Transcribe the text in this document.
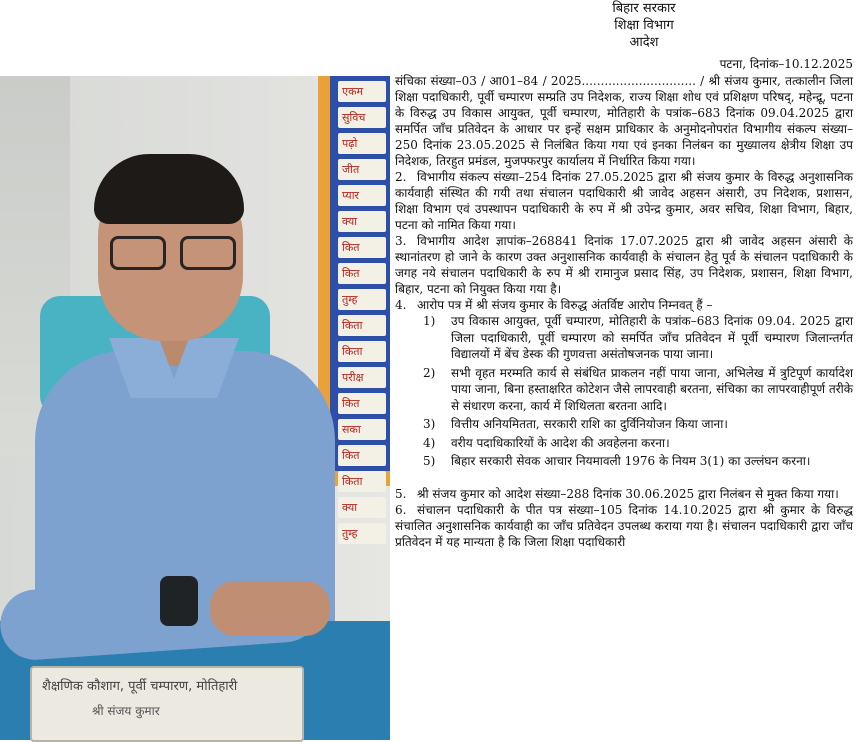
एकम
सुविच
पढ़ो
जीत
प्यार
क्या
कित
कित
तुम्ह
किता
किता
परीक्ष
कित
सका
कित
किता
क्या
तुम्ह
शैक्षणिक कौशाग, पूर्वी चम्पारण, मोतिहारी
श्री संजय कुमार
बिहार सरकार
शिक्षा विभाग
आदेश
पटना, दिनांक–10.12.2025

संचिका संख्या–03 / आ01–84 / 2025.............................. / श्री संजय कुमार, तत्कालीन जिला शिक्षा पदाधिकारी, पूर्वी चम्पारण सम्प्रति उप निदेशक, राज्य शिक्षा शोध एवं प्रशिक्षण परिषद्, महेन्द्रू, पटना के विरुद्ध उप विकास आयुक्त, पूर्वी चम्पारण, मोतिहारी के पत्रांक–683 दिनांक 09.04.2025 द्वारा समर्पित जाँच प्रतिवेदन के आधार पर इन्हें सक्षम प्राधिकार के अनुमोदनोपरांत विभागीय संकल्प संख्या–250 दिनांक 23.05.2025 से निलंबित किया गया एवं इनका निलंबन का मुख्यालय क्षेत्रीय शिक्षा उप निदेशक, तिरहुत प्रमंडल, मुजफ्फरपुर कार्यालय में निर्धारित किया गया।

2. विभागीय संकल्प संख्या–254 दिनांक 27.05.2025 द्वारा श्री संजय कुमार के विरुद्ध अनुशासनिक कार्यवाही संस्थित की गयी तथा संचालन पदाधिकारी श्री जावेद अहसन अंसारी, उप निदेशक, प्रशासन, शिक्षा विभाग एवं उपस्थापन पदाधिकारी के रुप में श्री उपेन्द्र कुमार, अवर सचिव, शिक्षा विभाग, बिहार, पटना को नामित किया गया।

3. विभागीय आदेश ज्ञापांक–268841 दिनांक 17.07.2025 द्वारा श्री जावेद अहसन अंसारी के स्थानांतरण हो जाने के कारण उक्त अनुशासनिक कार्यवाही के संचालन हेतु पूर्व के संचालन पदाधिकारी के जगह नये संचालन पदाधिकारी के रुप में श्री रामानुज प्रसाद सिंह, उप निदेशक, प्रशासन, शिक्षा विभाग, बिहार, पटना को नियुक्त किया गया है।

4. आरोप पत्र में श्री संजय कुमार के विरुद्ध अंतर्विष्ट आरोप निम्नवत् हैं –

1) उप विकास आयुक्त, पूर्वी चम्पारण, मोतिहारी के पत्रांक–683 दिनांक 09.04. 2025 द्वारा जिला पदाधिकारी, पूर्वी चम्पारण को समर्पित जाँच प्रतिवेदन में पूर्वी चम्पारण जिलान्तर्गत विद्यालयों में बेंच डेस्क की गुणवत्ता असंतोषजनक पाया जाना।
2) सभी वृहत मरम्मति कार्य से संबंधित प्राकलन नहीं पाया जाना, अभिलेख में त्रुटिपूर्ण कार्यादेश पाया जाना, बिना हस्ताक्षरित कोटेशन जैसे लापरवाही बरतना, संचिका का लापरवाहीपूर्ण तरीके से संधारण करना, कार्य में शिथिलता बरतना आदि।
3) वित्तीय अनियमितता, सरकारी राशि का दुर्विनियोजन किया जाना।
4) वरीय पदाधिकारियों के आदेश की अवहेलना करना।
5) बिहार सरकारी सेवक आचार नियमावली 1976 के नियम 3(1) का उल्लंघन करना।

5. श्री संजय कुमार को आदेश संख्या–288 दिनांक 30.06.2025 द्वारा निलंबन से मुक्त किया गया।

6. संचालन पदाधिकारी के पीत पत्र संख्या–105 दिनांक 14.10.2025 द्वारा श्री कुमार के विरुद्ध संचालित अनुशासनिक कार्यवाही का जाँच प्रतिवेदन उपलब्ध कराया गया है। संचालन पदाधिकारी द्वारा जाँच प्रतिवेदन में यह मान्यता है कि जिला शिक्षा पदाधिकारी
